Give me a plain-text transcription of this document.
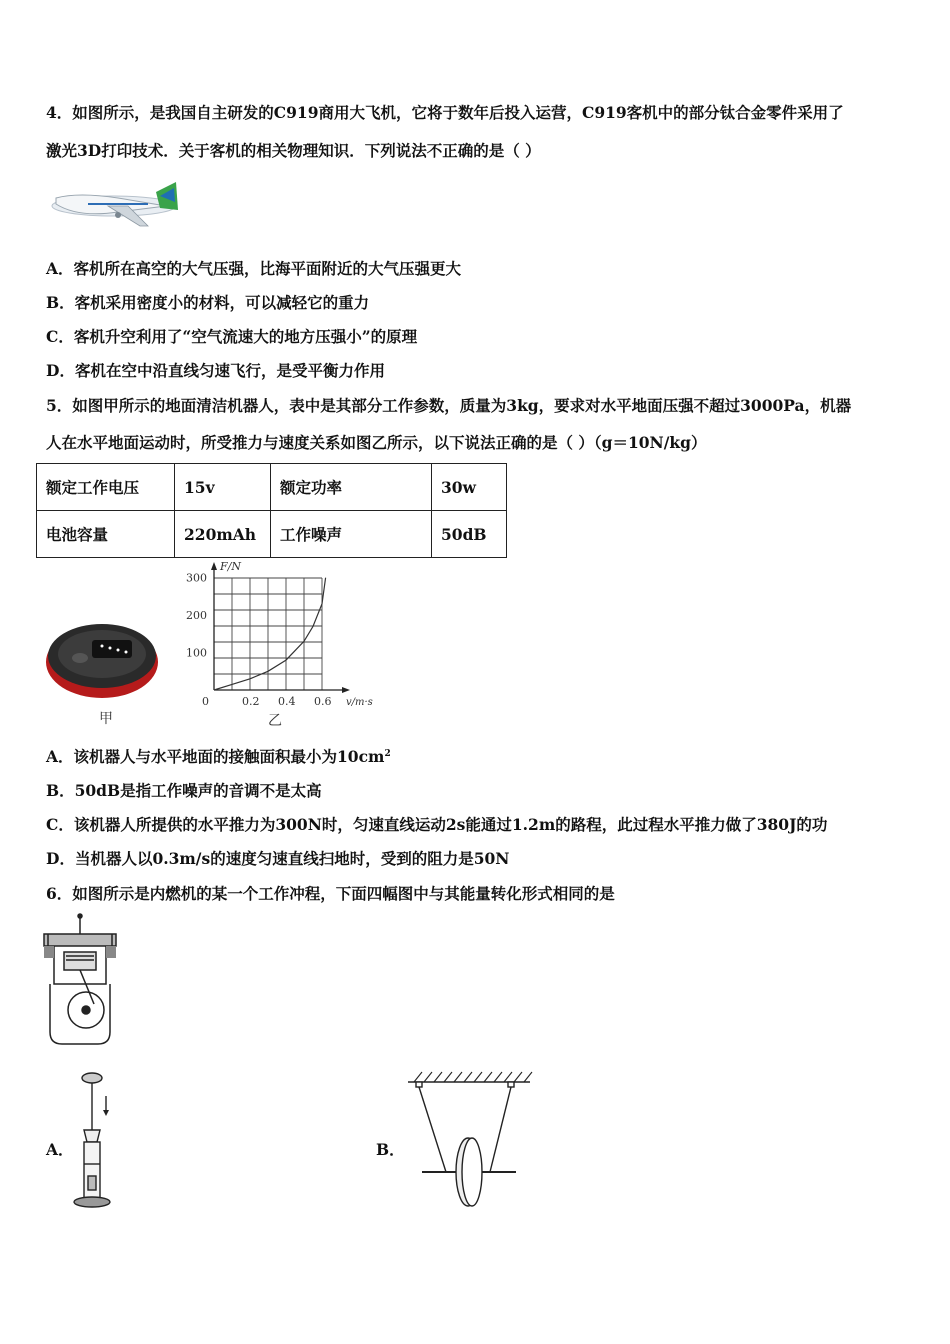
4．如图所示，是我国自主研发的C919商用大飞机，它将于数年后投入运营，C919客机中的部分钛合金零件采用了
激光3D打印技术．关于客机的相关物理知识．下列说法不正确的是（ ）
A．客机所在高空的大气压强，比海平面附近的大气压强更大
B．客机采用密度小的材料，可以减轻它的重力
C．客机升空利用了“空气流速大的地方压强小”的原理
D．客机在空中沿直线匀速飞行，是受平衡力作用
5．如图甲所示的地面清洁机器人，表中是其部分工作参数，质量为3kg，要求对水平地面压强不超过3000Pa，机器
人在水平地面运动时，所受推力与速度关系如图乙所示，以下说法正确的是（ ）（g＝10N/kg）
额定工作电压	15v	额定功率	30w
电池容量	220mAh	工作噪声	50dB
甲
0.2 0.4 0.6
100
200
300
F/N
v/m·s
0
乙
A．该机器人与水平地面的接触面积最小为$10cm^2$
B．50dB是指工作噪声的音调不是太高
C．该机器人所提供的水平推力为300N时，匀速直线运动2s能通过1.2m的路程，此过程水平推力做了380J的功
D．当机器人以0.3m/s的速度匀速直线扫地时，受到的阻力是50N
6．如图所示是内燃机的某一个工作冲程，下面四幅图中与其能量转化形式相同的是
A．	B．
